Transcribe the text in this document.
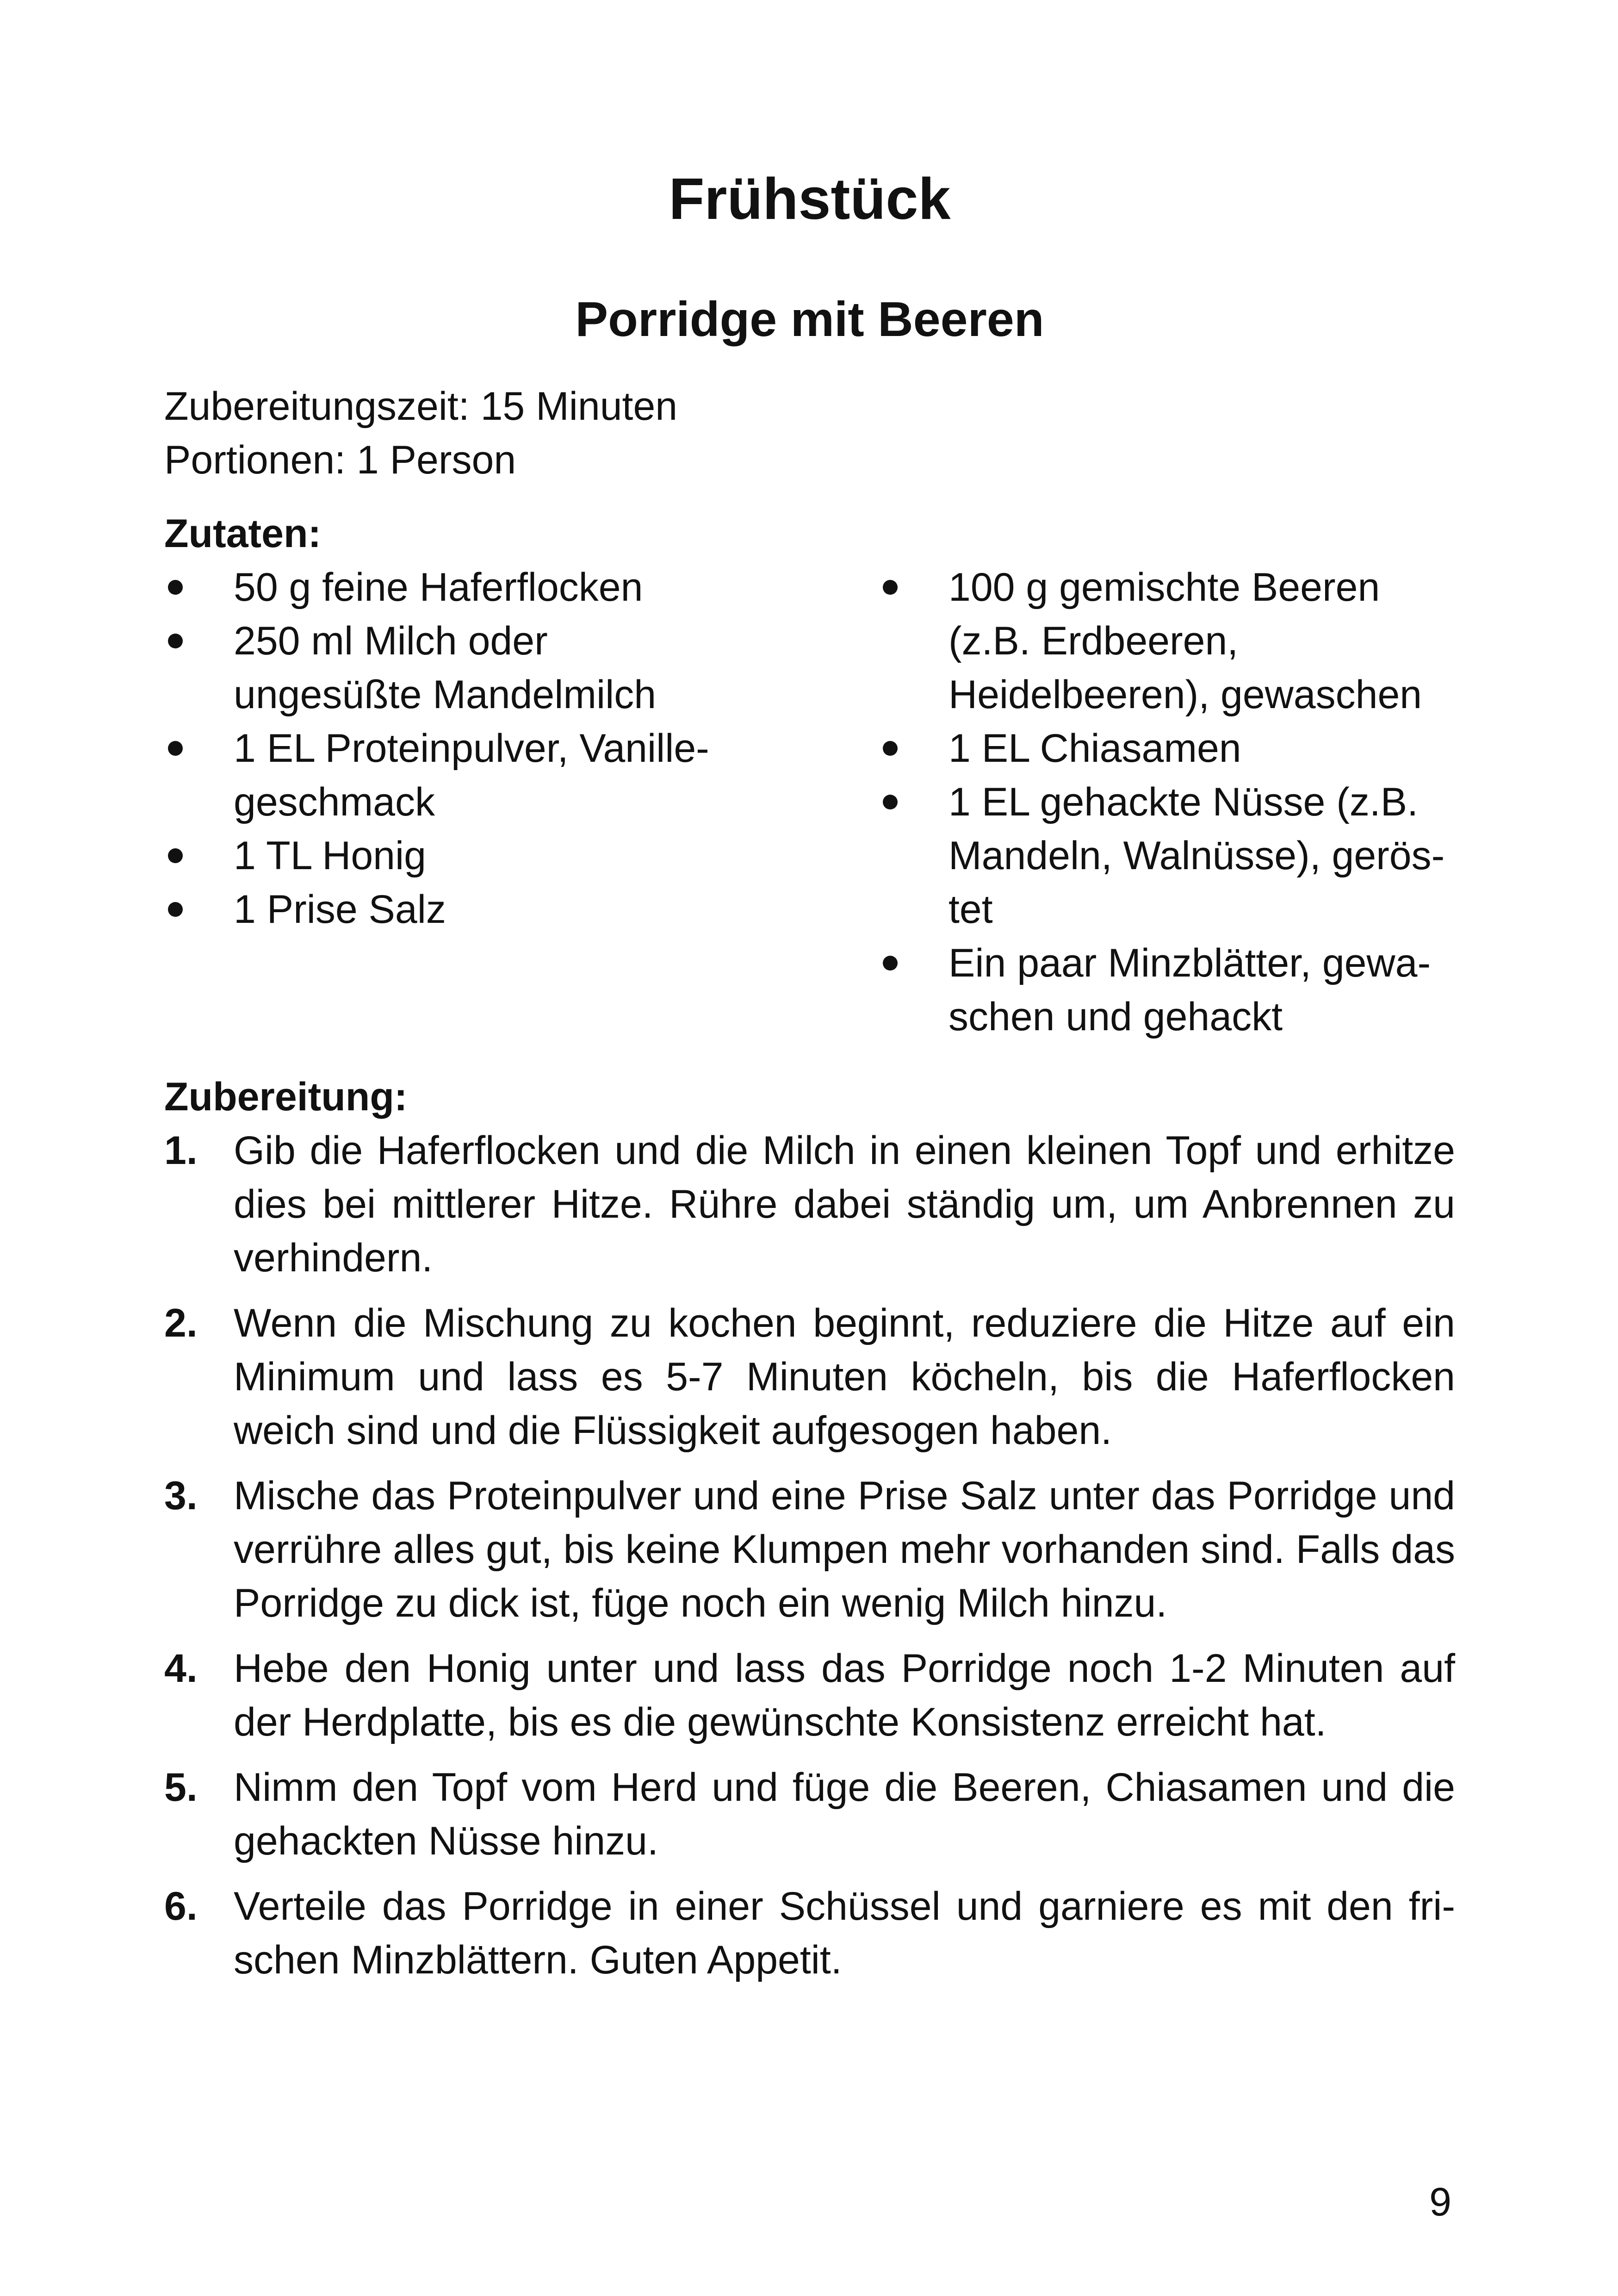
Frühstück
Porridge mit Beeren
Zubereitungszeit: 15 Minuten
Portionen: 1 Person
Zutaten:
50 g feine Haferflocken
250 ml Milch oder ungesüßte Mandelmilch
1 EL Proteinpulver, Vanillegeschmack
1 TL Honig
1 Prise Salz
100 g gemischte Beeren (z.B. Erdbeeren, Heidelbeeren), gewaschen
1 EL Chiasamen
1 EL gehackte Nüsse (z.B. Mandeln, Walnüsse), geröstet
Ein paar Minzblätter, gewaschen und gehackt
Zubereitung:
1. Gib die Haferflocken und die Milch in einen kleinen Topf und erhitze dies bei mittlerer Hitze. Rühre dabei ständig um, um Anbrennen zu verhindern.
2. Wenn die Mischung zu kochen beginnt, reduziere die Hitze auf ein Minimum und lass es 5-7 Minuten köcheln, bis die Haferflocken weich sind und die Flüssigkeit aufgesogen haben.
3. Mische das Proteinpulver und eine Prise Salz unter das Porridge und verrühre alles gut, bis keine Klumpen mehr vorhanden sind. Falls das Porridge zu dick ist, füge noch ein wenig Milch hinzu.
4. Hebe den Honig unter und lass das Porridge noch 1-2 Minuten auf der Herdplatte, bis es die gewünschte Konsistenz erreicht hat.
5. Nimm den Topf vom Herd und füge die Beeren, Chiasamen und die gehackten Nüsse hinzu.
6. Verteile das Porridge in einer Schüssel und garniere es mit den frischen Minzblättern. Guten Appetit.
9
